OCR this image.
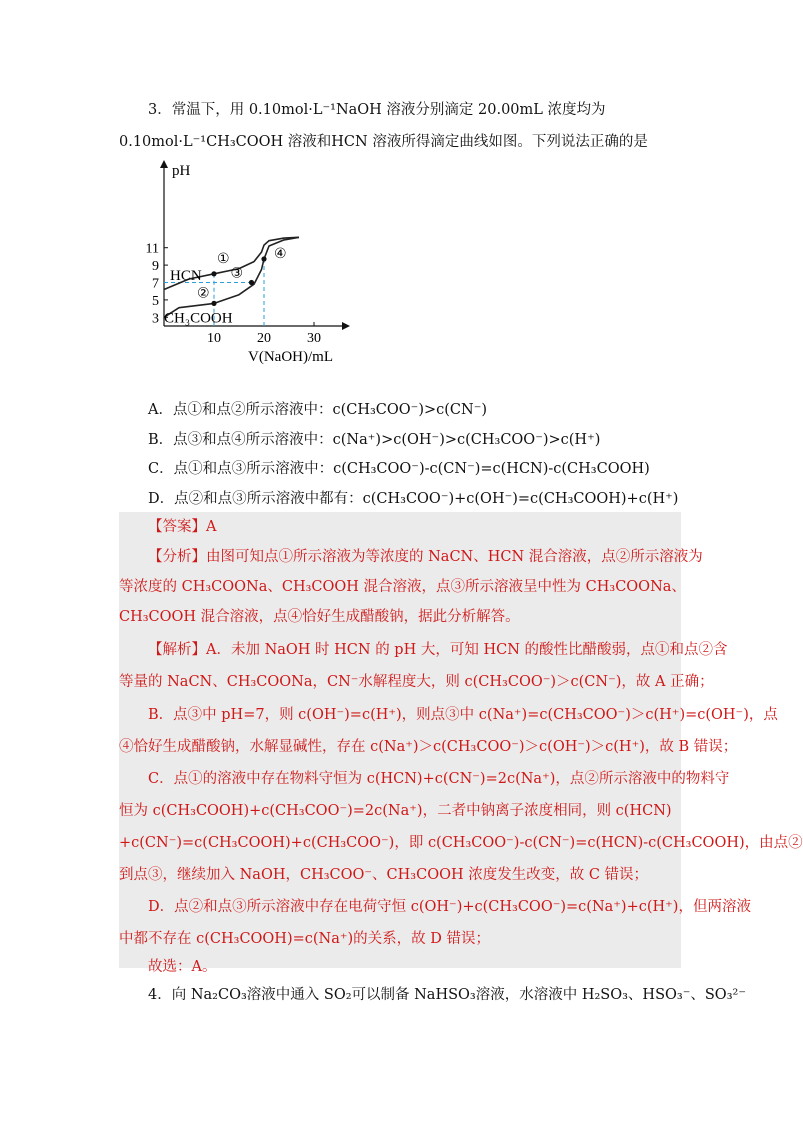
3．常温下，用 0.10mol·L⁻¹NaOH 溶液分别滴定 20.00mL 浓度均为
0.10mol·L⁻¹CH₃COOH 溶液和HCN 溶液所得滴定曲线如图。下列说法正确的是
pH
3
5
7
9
11
10	20	30
V(NaOH)/mL
HCN
CH₃COOH
①
②
③
④
A．点①和点②所示溶液中：c(CH₃COO⁻)>c(CN⁻)
B．点③和点④所示溶液中：c(Na⁺)>c(OH⁻)>c(CH₃COO⁻)>c(H⁺)
C．点①和点③所示溶液中：c(CH₃COO⁻)-c(CN⁻)=c(HCN)-c(CH₃COOH)
D．点②和点③所示溶液中都有：c(CH₃COO⁻)+c(OH⁻)=c(CH₃COOH)+c(H⁺)
【答案】A
【分析】由图可知点①所示溶液为等浓度的 NaCN、HCN 混合溶液，点②所示溶液为
等浓度的 CH₃COONa、CH₃COOH 混合溶液，点③所示溶液呈中性为 CH₃COONa、
CH₃COOH 混合溶液，点④恰好生成醋酸钠，据此分析解答。
【解析】A．未加 NaOH 时 HCN 的 pH 大，可知 HCN 的酸性比醋酸弱，点①和点②含
等量的 NaCN、CH₃COONa，CN⁻水解程度大，则 c(CH₃COO⁻)＞c(CN⁻)，故 A 正确；
B．点③中 pH=7，则 c(OH⁻)=c(H⁺)，则点③中 c(Na⁺)=c(CH₃COO⁻)＞c(H⁺)=c(OH⁻)，点
④恰好生成醋酸钠，水解显碱性，存在 c(Na⁺)＞c(CH₃COO⁻)＞c(OH⁻)＞c(H⁺)，故 B 错误；
C．点①的溶液中存在物料守恒为 c(HCN)+c(CN⁻)=2c(Na⁺)，点②所示溶液中的物料守
恒为 c(CH₃COOH)+c(CH₃COO⁻)=2c(Na⁺)，二者中钠离子浓度相同，则 c(HCN)
+c(CN⁻)=c(CH₃COOH)+c(CH₃COO⁻)，即 c(CH₃COO⁻)-c(CN⁻)=c(HCN)-c(CH₃COOH)，由点②
到点③，继续加入 NaOH，CH₃COO⁻、CH₃COOH 浓度发生改变，故 C 错误；
D．点②和点③所示溶液中存在电荷守恒 c(OH⁻)+c(CH₃COO⁻)=c(Na⁺)+c(H⁺)，但两溶液
中都不存在 c(CH₃COOH)=c(Na⁺)的关系，故 D 错误；
故选：A。
4．向 Na₂CO₃溶液中通入 SO₂可以制备 NaHSO₃溶液，水溶液中 H₂SO₃、HSO₃⁻、SO₃²⁻
